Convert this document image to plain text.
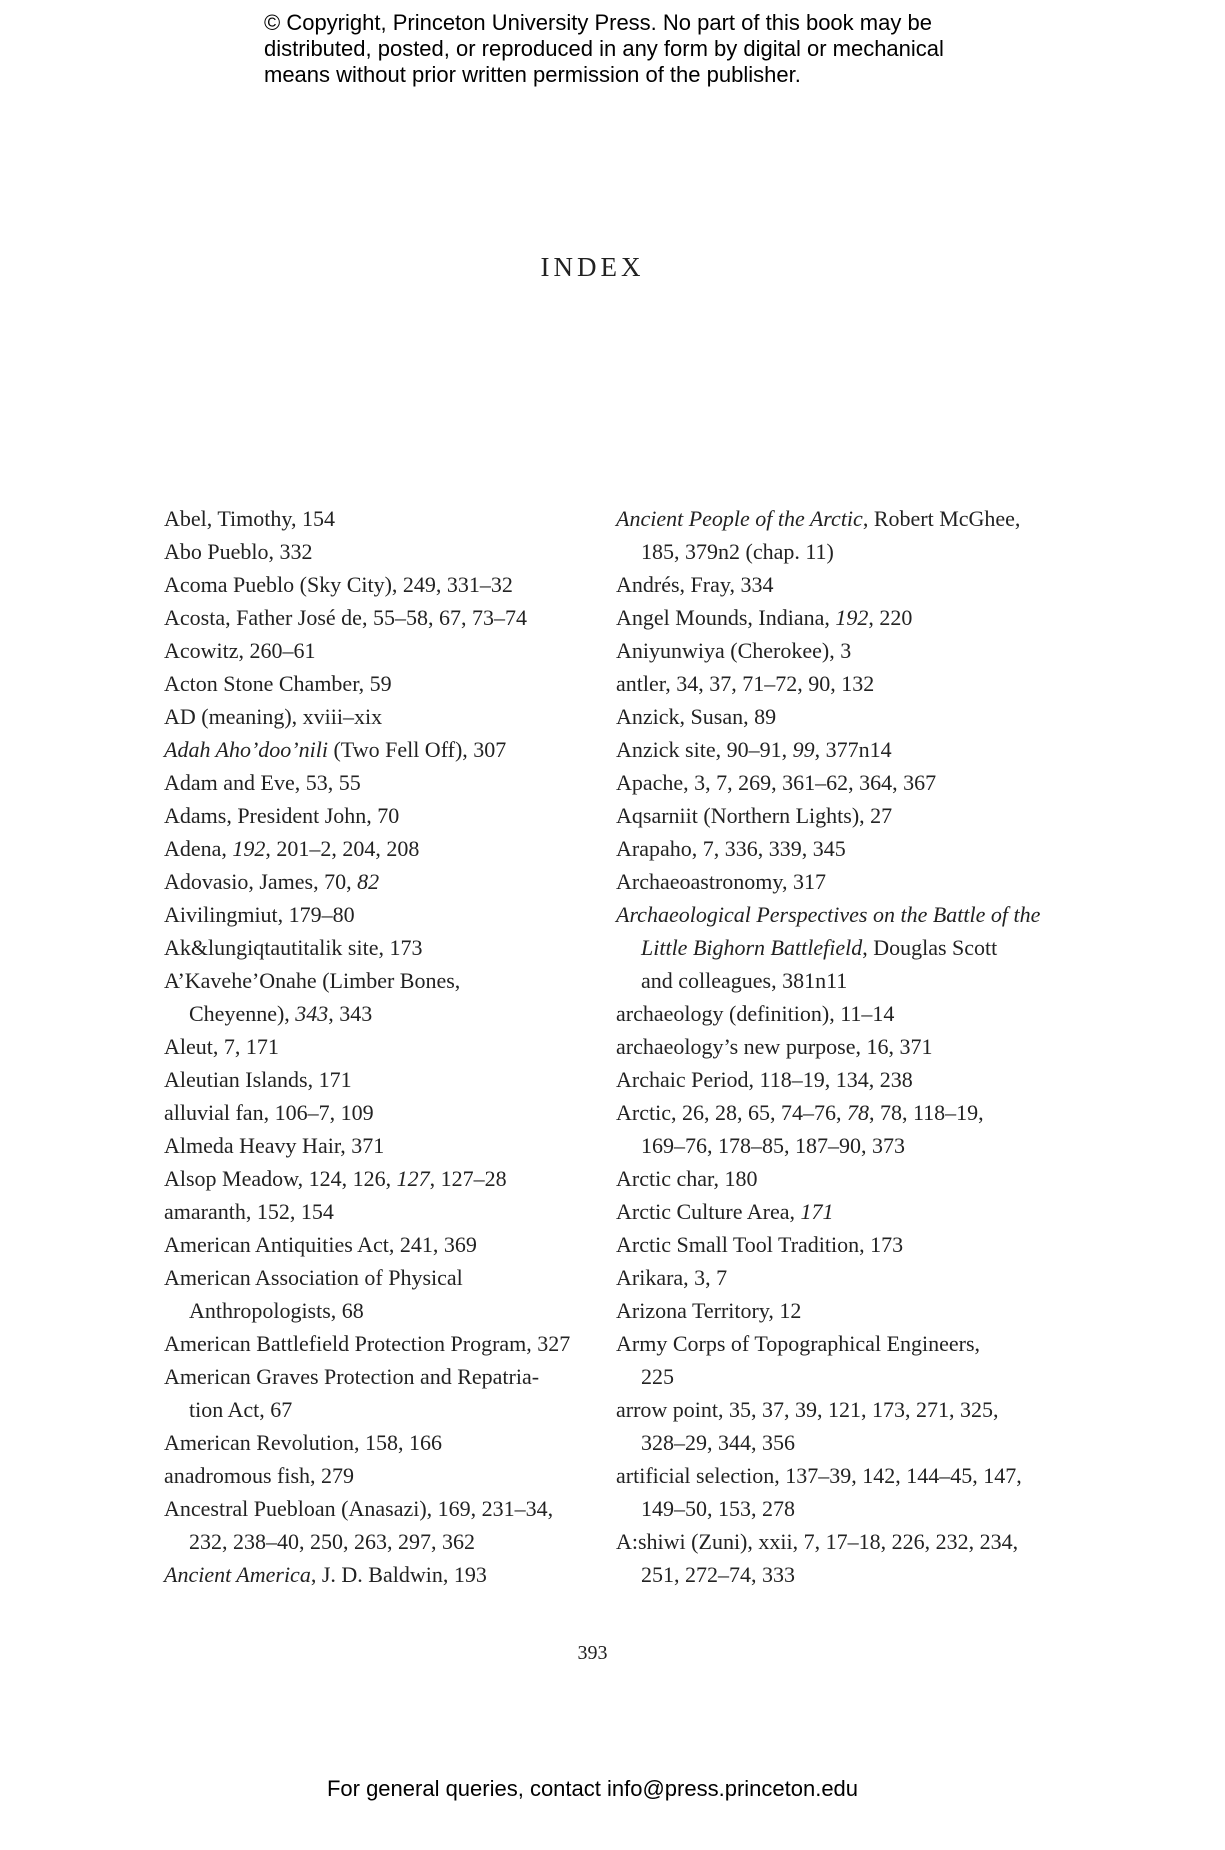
© Copyright, Princeton University Press. No part of this book may be
distributed, posted, or reproduced in any form by digital or mechanical
means without prior written permission of the publisher.
INDEX
Abel, Timothy, 154
Abo Pueblo, 332
Acoma Pueblo (Sky City), 249, 331–32
Acosta, Father José de, 55–58, 67, 73–74
Acowitz, 260–61
Acton Stone Chamber, 59
AD (meaning), xviii–xix
Adah Aho’doo’nili (Two Fell Off), 307
Adam and Eve, 53, 55
Adams, President John, 70
Adena, 192, 201–2, 204, 208
Adovasio, James, 70, 82
Aivilingmiut, 179–80
Ak&lungiqtautitalik site, 173
A’Kavehe’Onahe (Limber Bones,
Cheyenne), 343, 343
Aleut, 7, 171
Aleutian Islands, 171
alluvial fan, 106–7, 109
Almeda Heavy Hair, 371
Alsop Meadow, 124, 126, 127, 127–28
amaranth, 152, 154
American Antiquities Act, 241, 369
American Association of Physical
Anthropologists, 68
American Battlefield Protection Program, 327
American Graves Protection and Repatria-
tion Act, 67
American Revolution, 158, 166
anadromous fish, 279
Ancestral Puebloan (Anasazi), 169, 231–34,
232, 238–40, 250, 263, 297, 362
Ancient America, J. D. Baldwin, 193
Ancient People of the Arctic, Robert McGhee,
185, 379n2 (chap. 11)
Andrés, Fray, 334
Angel Mounds, Indiana, 192, 220
Aniyunwiya (Cherokee), 3
antler, 34, 37, 71–72, 90, 132
Anzick, Susan, 89
Anzick site, 90–91, 99, 377n14
Apache, 3, 7, 269, 361–62, 364, 367
Aqsarniit (Northern Lights), 27
Arapaho, 7, 336, 339, 345
Archaeoastronomy, 317
Archaeological Perspectives on the Battle of the
Little Bighorn Battlefield, Douglas Scott
and colleagues, 381n11
archaeology (definition), 11–14
archaeology’s new purpose, 16, 371
Archaic Period, 118–19, 134, 238
Arctic, 26, 28, 65, 74–76, 78, 78, 118–19,
169–76, 178–85, 187–90, 373
Arctic char, 180
Arctic Culture Area, 171
Arctic Small Tool Tradition, 173
Arikara, 3, 7
Arizona Territory, 12
Army Corps of Topographical Engineers,
225
arrow point, 35, 37, 39, 121, 173, 271, 325,
328–29, 344, 356
artificial selection, 137–39, 142, 144–45, 147,
149–50, 153, 278
A:shiwi (Zuni), xxii, 7, 17–18, 226, 232, 234,
251, 272–74, 333
393
For general queries, contact info@press.princeton.edu
